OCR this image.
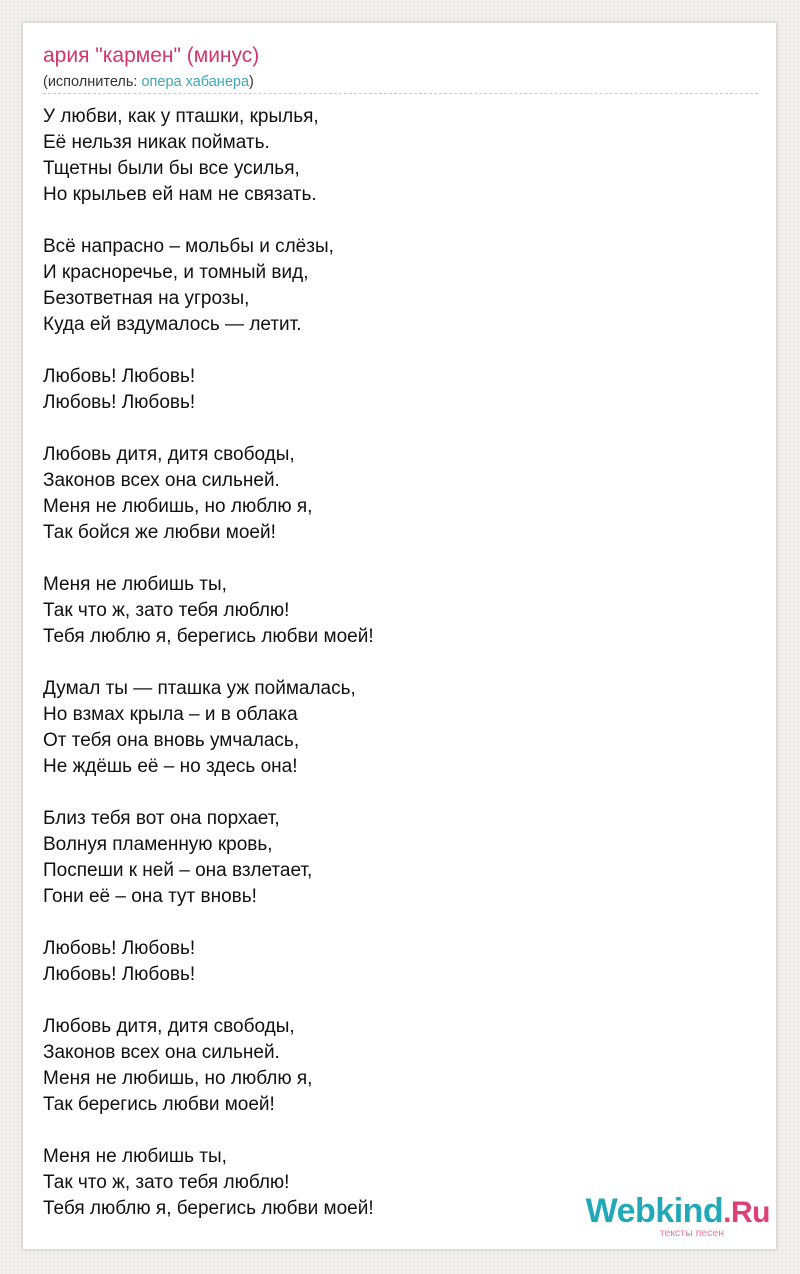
ария "кармен" (минус)
(исполнитель: опера хабанера)
У любви, как у пташки, крылья,
Её нельзя никак поймать.
Тщетны были бы все усилья,
Но крыльев ей нам не связать.
Всё напрасно – мольбы и слёзы,
И красноречье, и томный вид,
Безответная на угрозы,
Куда ей вздумалось — летит.
Любовь! Любовь!
Любовь! Любовь!
Любовь дитя, дитя свободы,
Законов всех она сильней.
Меня не любишь, но люблю я,
Так бойся же любви моей!
Меня не любишь ты,
Так что ж, зато тебя люблю!
Тебя люблю я, берегись любви моей!
Думал ты — пташка уж поймалась,
Но взмах крыла – и в облака
От тебя она вновь умчалась,
Не ждёшь её – но здесь она!
Близ тебя вот она порхает,
Волнуя пламенную кровь,
Поспеши к ней – она взлетает,
Гони её – она тут вновь!
Любовь! Любовь!
Любовь! Любовь!
Любовь дитя, дитя свободы,
Законов всех она сильней.
Меня не любишь, но люблю я,
Так берегись любви моей!
Меня не любишь ты,
Так что ж, зато тебя люблю!
Тебя люблю я, берегись любви моей!	Webkind.Ru
тексты песен
